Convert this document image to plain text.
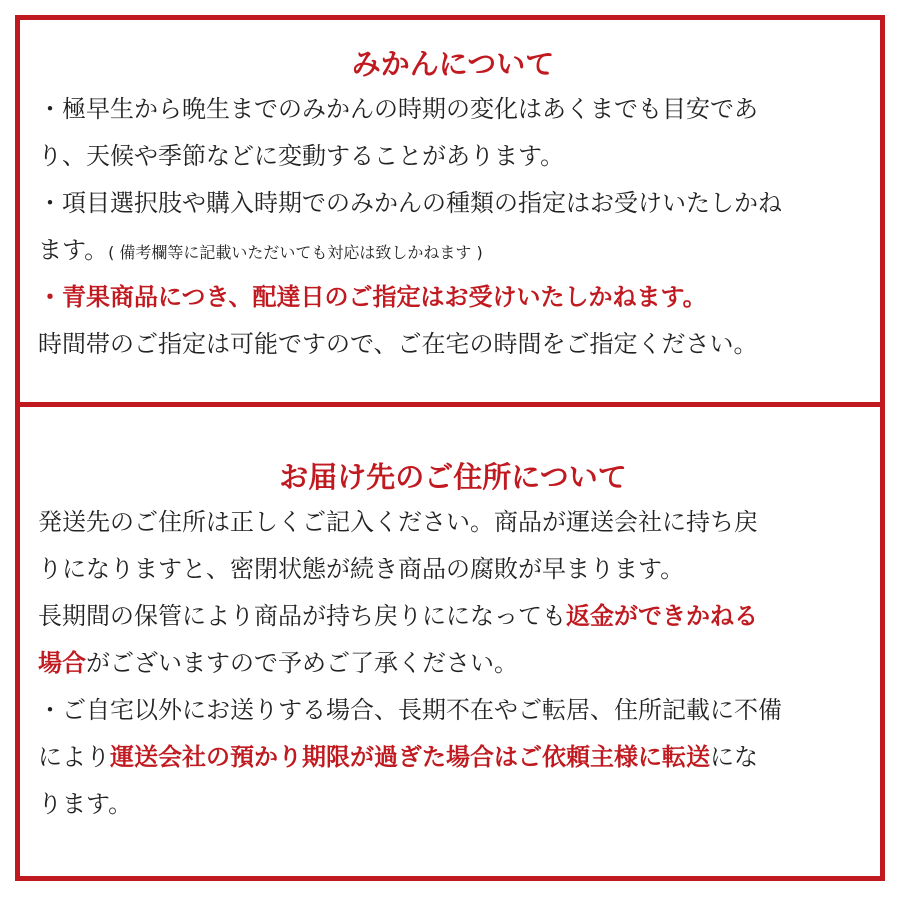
みかんについて

・極早生から晩生までのみかんの時期の変化はあくまでも目安であ

り、天候や季節などに変動することがあります。

・項目選択肢や購入時期でのみかんの種類の指定はお受けいたしかね

ます。( 備考欄等に記載いただいても対応は致しかねます )

・青果商品につき、配達日のご指定はお受けいたしかねます。

時間帯のご指定は可能ですので、ご在宅の時間をご指定ください。

お届け先のご住所について

発送先のご住所は正しくご記入ください。商品が運送会社に持ち戻

りになりますと、密閉状態が続き商品の腐敗が早まります。

長期間の保管により商品が持ち戻りにになっても返金ができかねる

場合がございますので予めご了承ください。

・ご自宅以外にお送りする場合、長期不在やご転居、住所記載に不備

により運送会社の預かり期限が過ぎた場合はご依頼主様に転送にな

ります。
